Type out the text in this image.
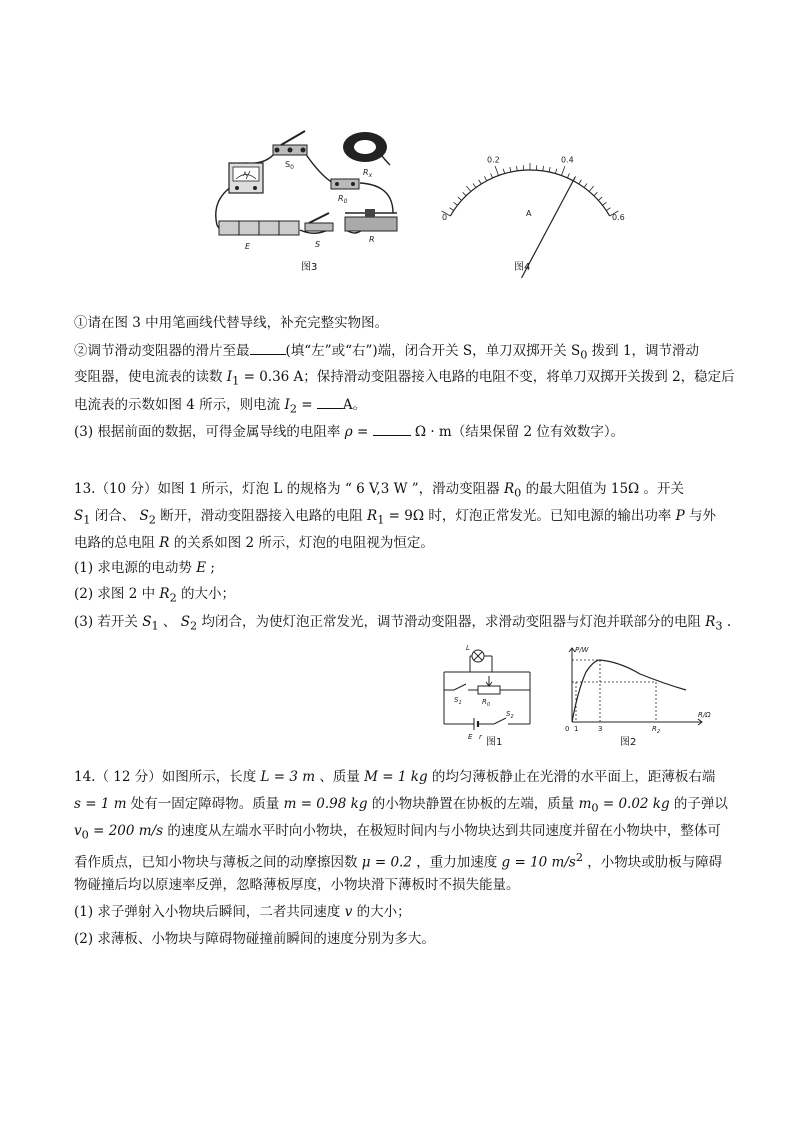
A
$S_0$
$R_x$
$R_0$
E	S
R
图3
0
0.2	0.4
0.6
A
图4
①请在图 3 中用笔画线代替导线，补充完整实物图。
②调节滑动变阻器的滑片至最	(填“左”或“右”)端，闭合开关 S，单刀双掷开关 $S_0$ 拨到 1，调节滑动
变阻器，使电流表的读数 $I_1 = 0.36$ A；保持滑动变阻器接入电路的电阻不变，将单刀双掷开关拨到 2，稳定后
电流表的示数如图 4 所示，则电流 $I_2 = A$。
(3) 根据前面的数据，可得金属导线的电阻率 ρ =	Ω · m（结果保留 2 位有效数字）。
13.（10 分）如图 1 所示，灯泡 L 的规格为 “ 6 V,3 W ”，滑动变阻器 $R_0$ 的最大阻值为 15Ω 。开关
$S_1$ 闭合、 $S_2$ 断开，滑动变阻器接入电路的电阻 $R_1 = 9\Omega$ 时，灯泡正常发光。已知电源的输出功率 P 与外
电路的总电阻 R 的关系如图 2 所示，灯泡的电阻视为恒定。
(1) 求电源的电动势 E ;
(2) 求图 2 中 $R_2$ 的大小；
(3) 若开关 $S_1$ 、 $S_2$ 均闭合，为使灯泡正常发光，调节滑动变阻器，求滑动变阻器与灯泡并联部分的电阻 $R_3$ .
L
$S_1$	$R_0$
E r
$S_2$
图1
P/W
R/Ω
0 1	3	$R_2$
图2
14.（ 12 分）如图所示，长度 L = 3 m 、质量 M = 1 kg 的均匀薄板静止在光滑的水平面上，距薄板右端
s = 1 m 处有一固定障碍物。质量 m = 0.98 kg 的小物块静置在协板的左端，质量 $m_0 = 0.02$ kg 的子弹以
$v_0 = 200$ m/s 的速度从左端水平时向小物块，在极短时间内与小物块达到共同速度并留在小物块中，整体可
看作质点，已知小物块与薄板之间的动摩擦因数 μ = 0.2 ，重力加速度 g = 10 $m/s^2$ ，小物块或肋板与障碍
物碰撞后均以原速率反弹，忽略薄板厚度，小物块滑下薄板时不损失能量。
(1) 求子弹射入小物块后瞬间，二者共同速度 v 的大小；
(2) 求薄板、小物块与障碍物碰撞前瞬间的速度分别为多大。
